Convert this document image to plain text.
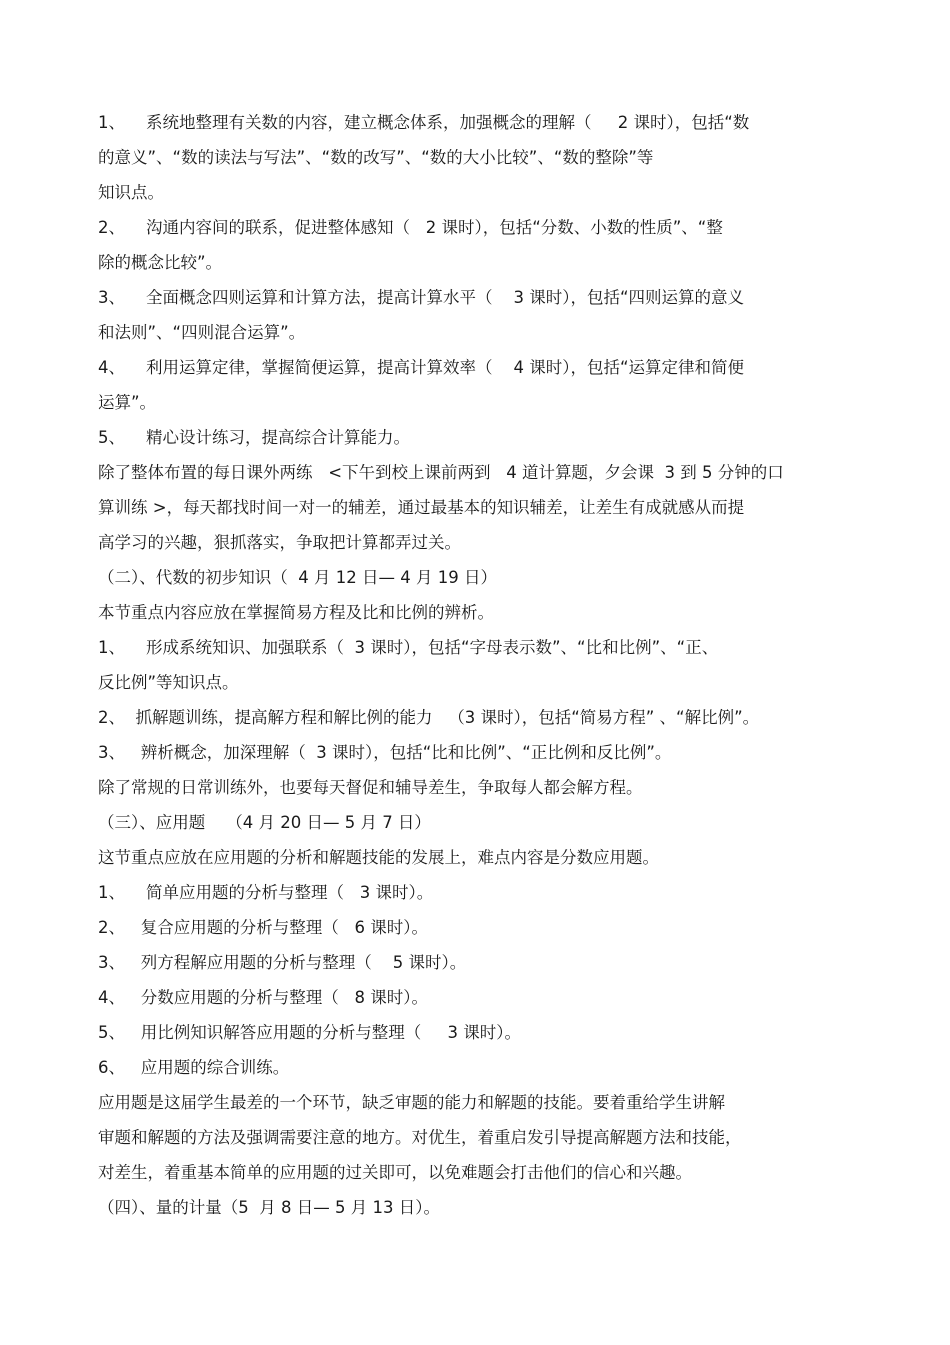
1、    系统地整理有关数的内容，建立概念体系，加强概念的理解（     2 课时），包括“数
的意义”、“数的读法与写法”、“数的改写”、“数的大小比较”、“数的整除”等
知识点。
2、    沟通内容间的联系，促进整体感知（   2 课时），包括“分数、小数的性质”、“整
除的概念比较”。
3、    全面概念四则运算和计算方法，提高计算水平（    3 课时），包括“四则运算的意义
和法则”、“四则混合运算”。
4、    利用运算定律，掌握简便运算，提高计算效率（    4 课时），包括“运算定律和简便
运算”。
5、    精心设计练习，提高综合计算能力。
除了整体布置的每日课外两练   <下午到校上课前两到   4 道计算题，夕会课  3 到 5 分钟的口
算训练 >，每天都找时间一对一的辅差，通过最基本的知识辅差，让差生有成就感从而提
高学习的兴趣，狠抓落实，争取把计算都弄过关。
（二）、代数的初步知识（  4 月 12 日— 4 月 19 日）
本节重点内容应放在掌握简易方程及比和比例的辨析。
1、    形成系统知识、加强联系（  3 课时），包括“字母表示数”、“比和比例”、“正、
反比例”等知识点。
2、  抓解题训练，提高解方程和解比例的能力   （3 课时），包括“简易方程” 、“解比例”。
3、   辨析概念，加深理解（  3 课时），包括“比和比例”、“正比例和反比例”。
除了常规的日常训练外，也要每天督促和辅导差生，争取每人都会解方程。
（三）、应用题    （4 月 20 日— 5 月 7 日）
这节重点应放在应用题的分析和解题技能的发展上，难点内容是分数应用题。
1、    简单应用题的分析与整理（   3 课时）。
2、   复合应用题的分析与整理（   6 课时）。
3、   列方程解应用题的分析与整理（    5 课时）。
4、   分数应用题的分析与整理（   8 课时）。
5、   用比例知识解答应用题的分析与整理（     3 课时）。
6、   应用题的综合训练。
应用题是这届学生最差的一个环节，缺乏审题的能力和解题的技能。要着重给学生讲解
审题和解题的方法及强调需要注意的地方。对优生，着重启发引导提高解题方法和技能，
对差生，着重基本简单的应用题的过关即可，以免难题会打击他们的信心和兴趣。
（四）、量的计量（5  月 8 日— 5 月 13 日）。
